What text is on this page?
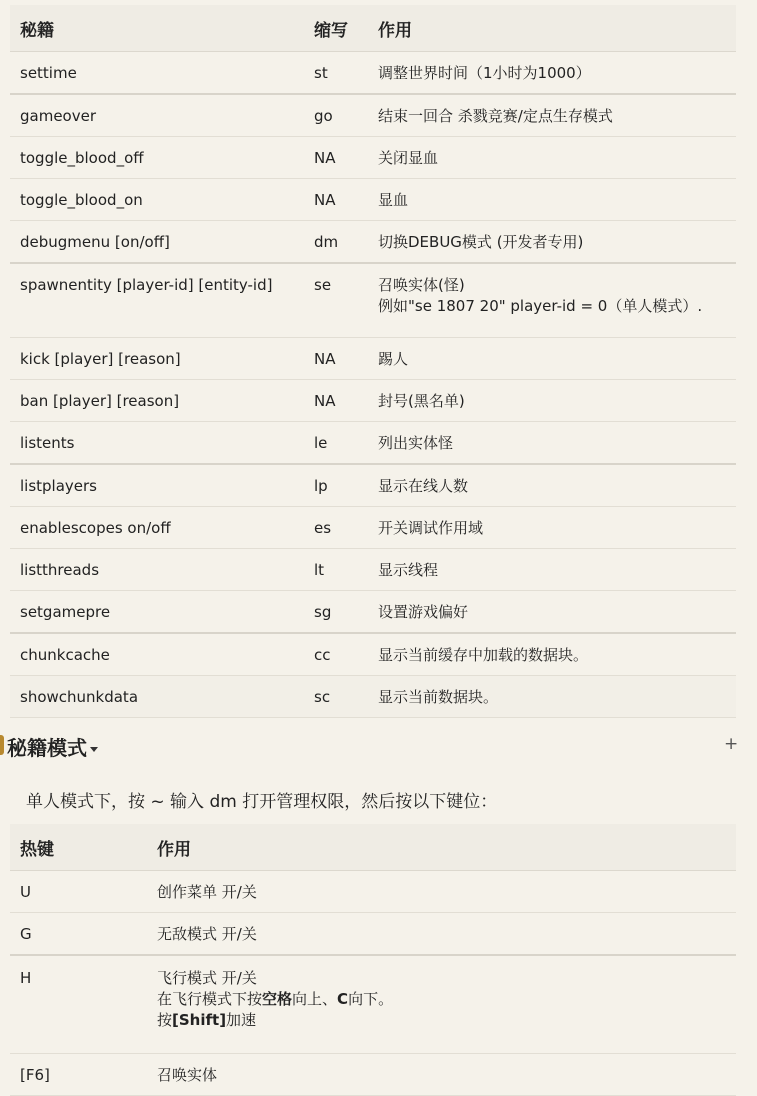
秘籍	缩写	作用
settime	st	调整世界时间（1小时为1000）
gameover	go	结束一回合 杀戮竞赛/定点生存模式
toggle_blood_off	NA	关闭显血
toggle_blood_on	NA	显血
debugmenu [on/off]	dm	切换DEBUG模式 (开发者专用)
spawnentity [player-id] [entity-id]	se	召唤实体(怪)
例如"se 1807 20" player-id = 0（单人模式）.

kick [player] [reason]	NA	踢人
ban [player] [reason]	NA	封号(黑名单)
listents	le	列出实体怪
listplayers	lp	显示在线人数
enablescopes on/off	es	开关调试作用域
listthreads	lt	显示线程
setgamepre	sg	设置游戏偏好
chunkcache	cc	显示当前缓存中加载的数据块。
showchunkdata	sc	显示当前数据块。
秘籍模式	+
单人模式下，按 ~ 输入 dm 打开管理权限，然后按以下键位：
热键	作用
U	创作菜单 开/关
G	无敌模式 开/关
H	飞行模式 开/关
在飞行模式下按空格向上、C向下。
按[Shift]加速

[F6]	召唤实体
